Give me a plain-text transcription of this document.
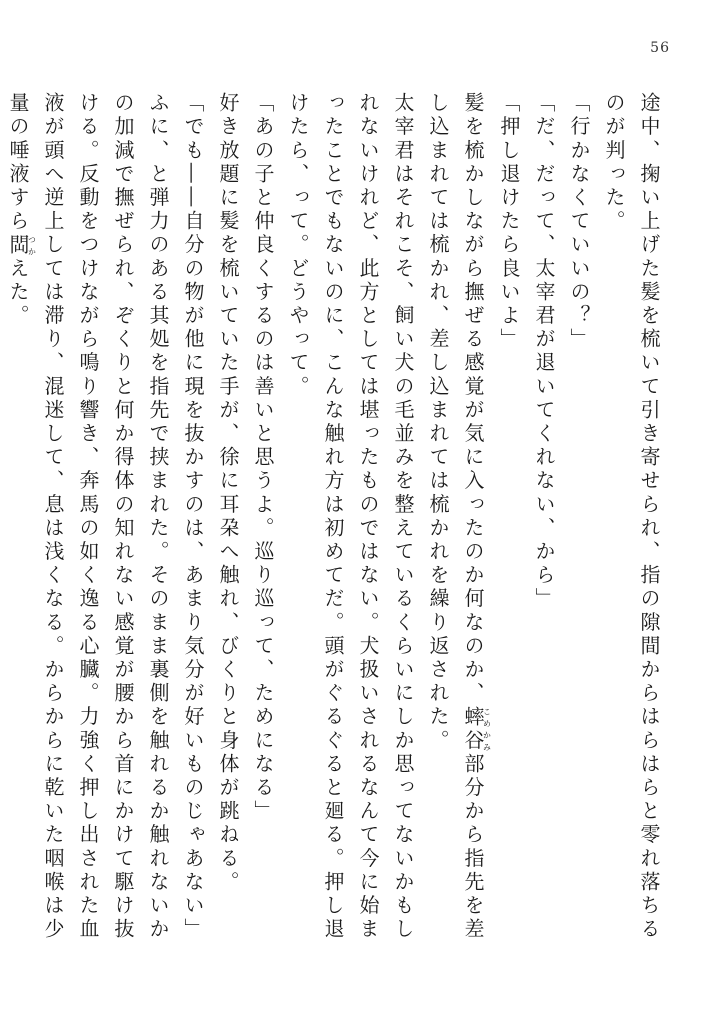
56

途中、掬い上げた髪を梳いて引き寄せられ、指の隙間からはらはらと零れ落ちるのが判った。

「行かなくていいの？」

「だ、だって、太宰君が退いてくれない、から」

「押し退けたら良いよ」

髪を梳かしながら撫ぜる感覚が気に入ったのか何なのか、蟀谷こめかみ部分から指先を差し込まれては梳かれ、差し込まれては梳かれを繰り返された。

太宰君はそれこそ、飼い犬の毛並みを整えているくらいにしか思ってないかもしれないけれど、此方としては堪ったものではない。犬扱いされるなんて今に始まったことでもないのに、こんな触れ方は初めてだ。頭がぐるぐると廻る。押し退けたら、って。どうやって。

「あの子と仲良くするのは善いと思うよ。巡り巡って、ためになる」

好き放題に髪を梳いていた手が、徐に耳朶へ触れ、びくりと身体が跳ねる。

「でも――自分の物が他に現を抜かすのは、あまり気分が好いものじゃあない」

ふに、と弾力のある其処を指先で挟まれた。そのまま裏側を触れるか触れないかの加減で撫ぜられ、ぞくりと何か得体の知れない感覚が腰から首にかけて駆け抜ける。反動をつけながら鳴り響き、奔馬の如く逸る心臓。力強く押し出された血液が頭へ逆上しては滞り、混迷して、息は浅くなる。からからに乾いた咽喉は少量の唾液すら閊つかえた。
